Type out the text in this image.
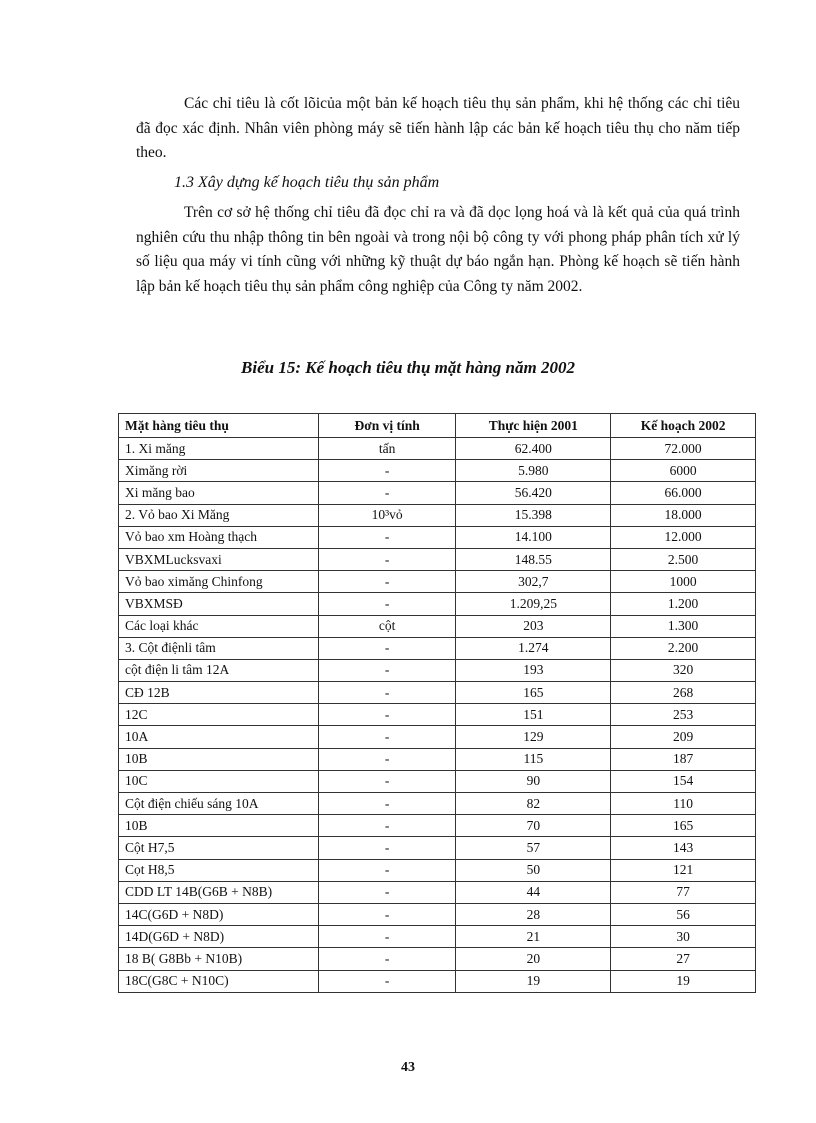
Các chỉ tiêu là cốt lõicủa một bản kế hoạch tiêu thụ sản phẩm, khi hệ thống các chỉ tiêu đã đọc xác định. Nhân viên phòng máy sẽ tiến hành lập các bản kế hoạch tiêu thụ cho năm tiếp theo.

1.3 Xây dựng kế hoạch tiêu thụ sản phẩm

Trên cơ sở hệ thống chỉ tiêu đã đọc chỉ ra và đã dọc lọng hoá và là kết quả của quá trình nghiên cứu thu nhập thông tin bên ngoài và trong nội bộ công ty với phong pháp phân tích xử lý số liệu qua máy vi tính cũng với những kỹ thuật dự báo ngắn hạn. Phòng kế hoạch sẽ tiến hành lập bản kế hoạch tiêu thụ sản phẩm công nghiệp của Công ty năm 2002.

Biểu 15: Kế hoạch tiêu thụ mặt hàng năm 2002

Mặt hàng tiêu thụ	Đơn vị tính	Thực hiện 2001	Kế hoạch 2002
1. Xi măng	tấn	62.400	72.000
Ximăng rời	-	5.980	6000
Xi măng bao	-	56.420	66.000
2. Vỏ bao Xi Măng	10³vỏ	15.398	18.000
Vỏ bao xm Hoàng thạch	-	14.100	12.000
VBXMLucksvaxi	-	148.55	2.500
Vỏ bao ximăng Chinfong	-	302,7	1000
VBXMSĐ	-	1.209,25	1.200
Các loại khác	cột	203	1.300
3. Cột điệnli tâm	-	1.274	2.200
cột điện li tâm 12A	-	193	320
CĐ 12B	-	165	268
12C	-	151	253
10A	-	129	209
10B	-	115	187
10C	-	90	154
Cột điện chiếu sáng 10A	-	82	110
10B	-	70	165
Cột H7,5	-	57	143
Cọt H8,5	-	50	121
CDD LT 14B(G6B + N8B)	-	44	77
14C(G6D + N8D)	-	28	56
14D(G6D + N8D)	-	21	30
18 B( G8Bb + N10B)	-	20	27
18C(G8C + N10C)	-	19	19
43
